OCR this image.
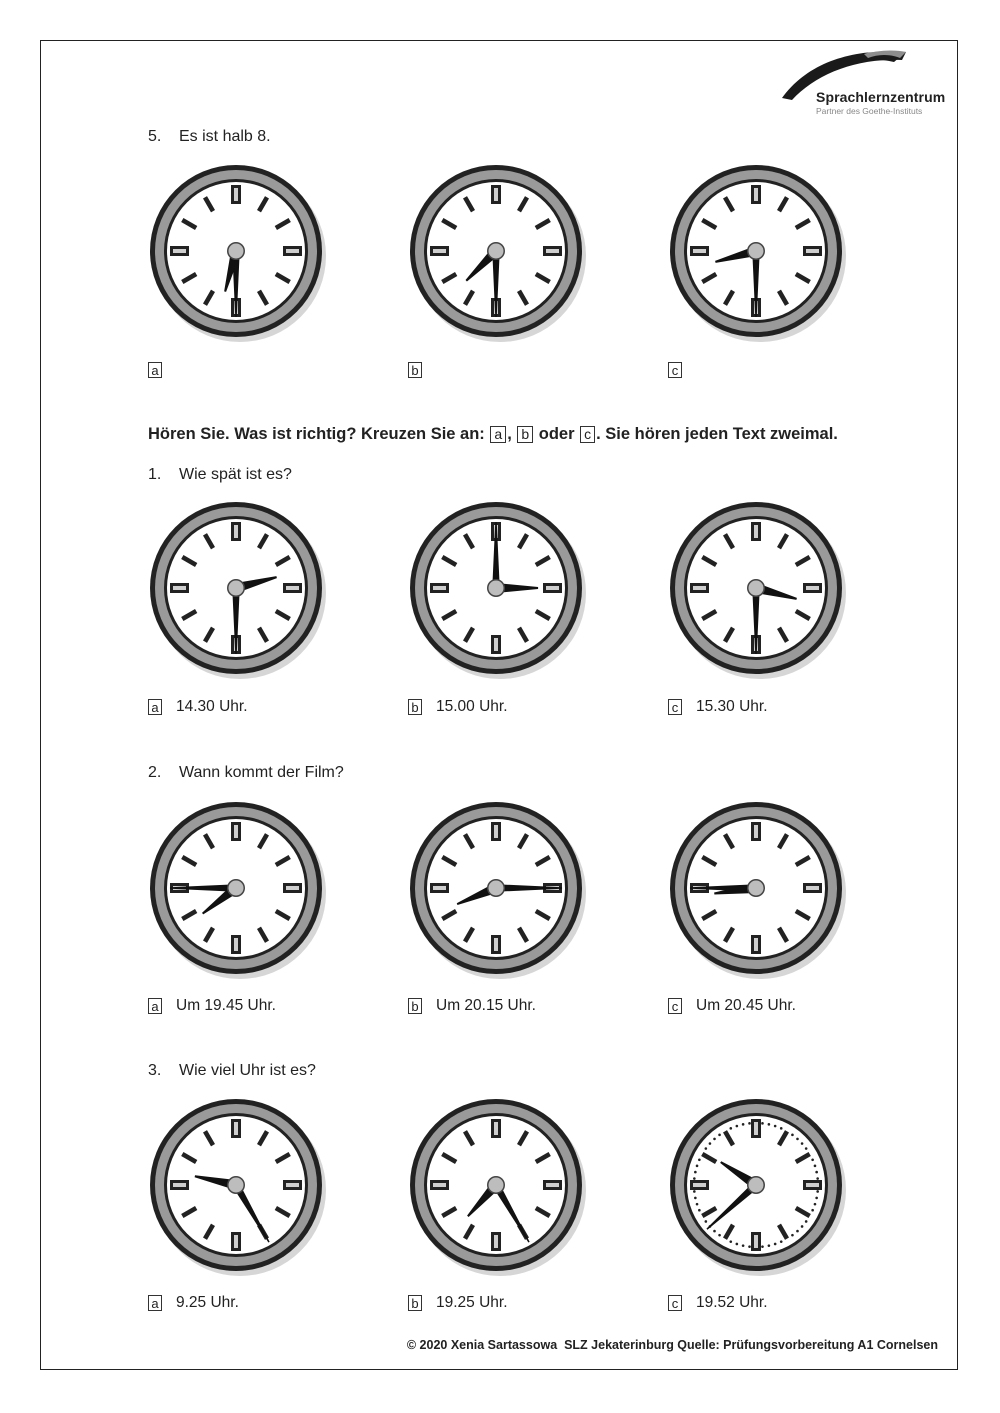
Sprachlernzentrum
Partner des Goethe-Instituts
5. Es ist halb 8.
a	b	c
Hören Sie. Was ist richtig? Kreuzen Sie an: a , b oder c . Sie hören jeden Text zweimal.
1. Wie spät ist es?
a 14.30 Uhr.	b 15.00 Uhr.	c 15.30 Uhr.
2. Wann kommt der Film?
a Um 19.45 Uhr.	b Um 20.15 Uhr.	c Um 20.45 Uhr.
3. Wie viel Uhr ist es?
a 9.25 Uhr.	b 19.25 Uhr.	c 19.52 Uhr.
© 2020 Xenia Sartassowa  SLZ Jekaterinburg Quelle: Prüfungsvorbereitung A1 Cornelsen
